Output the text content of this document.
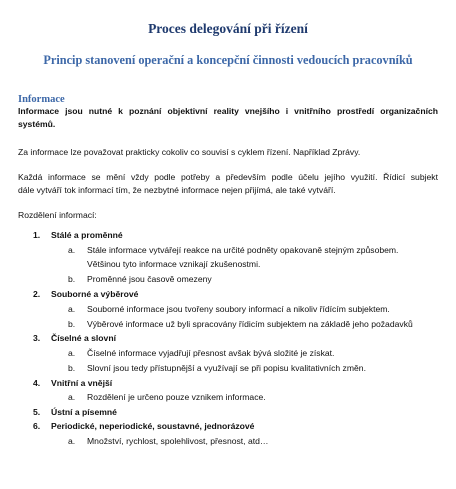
Proces delegování při řízení
Princip stanovení operační a koncepční činnosti vedoucích pracovníků
Informace
Informace jsou nutné k poznání objektivní reality vnejšího i vnitřního prostředí organizačních
systémů.
Za informace lze považovat prakticky cokoliv co souvisí s cyklem řízení. Například Zprávy.
Každá informace se mění vždy podle potřeby a především podle účelu jejího využití. Řídicí subjekt
dále vytváří tok informací tím, že nezbytné informace nejen přijímá, ale také vytváří.
Rozdělení informací:
1. Stálé a proměnné
a. Stále informace vytvářejí reakce na určité podněty opakovaně stejným způsobem.
Většinou tyto informace vznikají zkušenostmi.
b. Proměnné jsou časově omezeny
2. Souborné a výběrové
a. Souborné informace jsou tvořeny soubory informací a nikoliv řídícím subjektem.
b. Výběrové informace už byli spracovány řídicím subjektem na základě jeho požadavků
3. Číselné a slovní
a. Číselné informace vyjadřují přesnost avšak bývá složité je získat.
b. Slovní jsou tedy přístupnější a využívají se při popisu kvalitativních změn.
4. Vnitřní a vnější
a. Rozdělení je určeno pouze vznikem informace.
5. Ústní a písemné
6. Periodické, neperiodické, soustavné, jednorázové
a. Množství, rychlost, spolehlivost, přesnost, atd…
